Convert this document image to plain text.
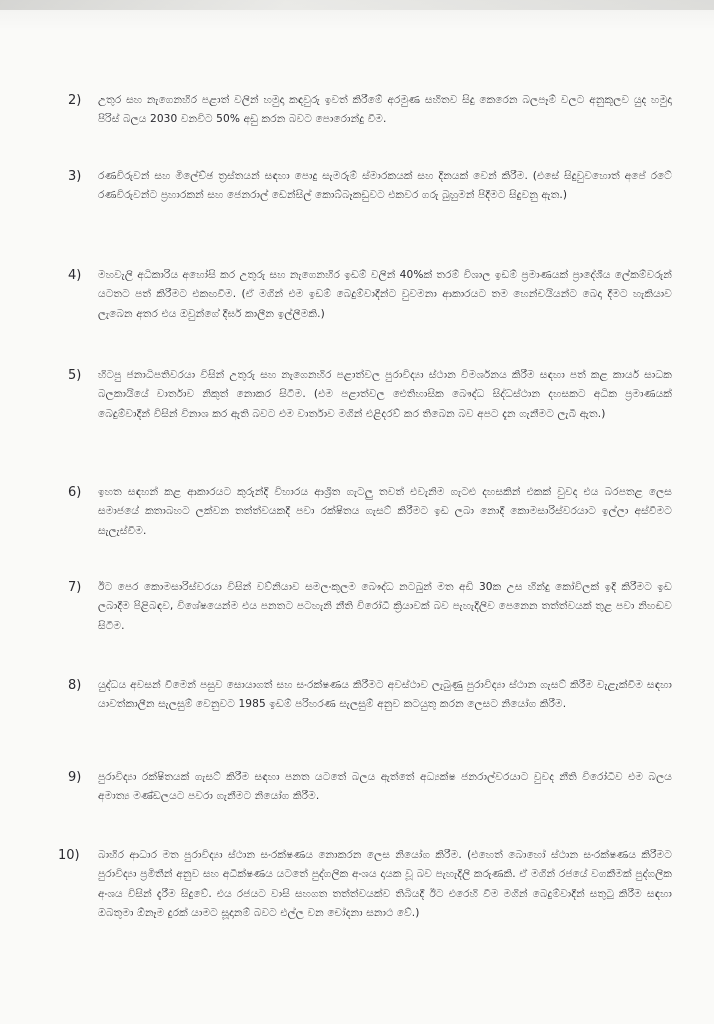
2)	උතුර සහ නැගෙනහිර පළාත් වලින් හමුදා කඳවුරු ඉවත් කිරීමේ අරමුණ සහිතව සිදු කෙරෙන බලපෑම් වලට අනුකූලව යුද හමුදා පිරිස් බලය 2030 වනවිට 50% අඩු කරන බවට පොරොන්දු වීම.
3)	රණවිරුවන් සහ මිලේච්ඡ ත්‍රස්තයන් සඳහා පොදු සැමරුම් ස්මාරකයක් සහ දිනයක් වෙන් කිරීම. (එසේ සිදුවුවහොත් අපේ රටේ රණවිරුවන්ට ප්‍රහාරකන් සහ ජෙනරාල් ඩෙන්සිල් කොබ්බෑකඩුවට එකවර ගරු බුහුමන් පිදීමට සිදුවනු ඇත.)
4)	මහවැලි අධිකාරිය අහෝසි කර උතුරු සහ නැගෙනහිර ඉඩම් වලින් 40%ක් තරම් විශාල ඉඩම් ප්‍රමාණයක් ප්‍රාදේශීය ලේකම්වරුන් යටතට පත් කිරීමට එකඟවීම. (ඒ මගින් එම ඉඩම් බෙදුම්වාදීන්ට වුවමනා ආකාරයට තම හෙන්චයියන්ට බෙදා දීමට හැකියාව ලැබෙන අතර එය ඔවුන්ගේ දීර්ඝ කාලීන ඉල්ලීමකි.)
5)	හිටපු ජනාධිපතිවරයා විසින් උතුරු සහ නැගෙනහිර පළාත්වල පුරාවිද්‍යා ස්ථාන විමර්ශනය කිරීම සඳහා පත් කළ කාර්ය සාධක බලකායියේ වාර්තාව නිකුත් නොකර සිටීම. (එම පළාත්වල ඓතිහාසික බෞද්ධ සිද්ධස්ථාන දහසකට අධික ප්‍රමාණයක් බෙදුම්වාදීන් විසින් විනාශ කර ඇති බවට එම වාර්තාව මගින් එළිදරව් කර තිබෙන බව අපට දැන ගැනීමට ලැබී ඇත.)
6)	ඉහත සඳහන් කළ ආකාරයට කුරුන්දි විහාරය ආශ්‍රිත ගැටලු තවත් එවැනිම ගැටළු දහසකින් එකක් වුවද එය බරපතළ ලෙස සමාජයේ කතාබහට ලක්වන තත්ත්වයකදී පවා රක්ෂිතය ගැසට් කිරීමට ඉඩ ලබා නොදී කොමසාරිස්වරයාට ඉල්ලා අස්වීමට සැලැස්වීම.
7)	ඊට පෙර කොමසාරිස්වරයා විසින් වව්නියාව සමලංකුලම බෞද්ධ නටබුන් මත අඩි 30ක උස හින්දු කෝවිලක් ඉදි කිරීමට ඉඩ ලබාදීම පිළිබඳව, විශේෂයෙන්ම එය පනතට පටහැනි නීති විරෝධී ක්‍රියාවක් බව පැහැදිලිව පෙනෙන තත්ත්වයක් තුළ පවා නිහඬව සිටීම.
8)	යුද්ධය අවසන් වීමෙන් පසුව සොයාගත් සහ සංරක්ෂණය කිරීමට අවස්ථාව ලැබුණු පුරාවිද්‍යා ස්ථාන ගැසට් කිරීම වැළැක්වීම සඳහා යාවත්කාලීන සැලසුම් වෙනුවට 1985 ඉඩම් පරිහරණ සැලසුම් අනුව කටයුතු කරන ලෙසට නියෝග කිරීම.
9)	පුරාවිද්‍යා රක්ෂිතයක් ගැසට් කිරීම සඳහා පනත යටතේ බලය ඇත්තේ අධ්‍යක්ෂ ජනරාල්වරයාට වුවද නීති විරෝධීව එම බලය අමාත්‍ය මණ්ඩලයට පවරා ගැනීමට නියෝග කිරීම.
10)	බාහිර ආධාර මත පුරාවිද්‍යා ස්ථාන සංරක්ෂණය නොකරන ලෙස නියෝග කිරීම. (එහෙත් බොහෝ ස්ථාන සංරක්ෂණය කිරීමට පුරාවිද්‍යා ප්‍රමිතීන් අනුව සහ අධීක්ෂණය යටතේ පුද්ගලික අංශය දායක වූ බව පැහැදිලි කරුණකි. ඒ මගින් රජයේ වගකීමක් පුද්ගලික අංශය විසින් දැරීම සිදුවේ. එය රජයට වාසි සහගත තත්ත්වයක්ව තිබියදී ඊට එරෙහි වීම මගින් බෙදුම්වාදීන් සතුටු කිරීම සඳහා ඔබතුමා ඕනෑම දුරක් යාමට සූදානම් බවට එල්ල වන චෝදනා සනාථ වේ.)
